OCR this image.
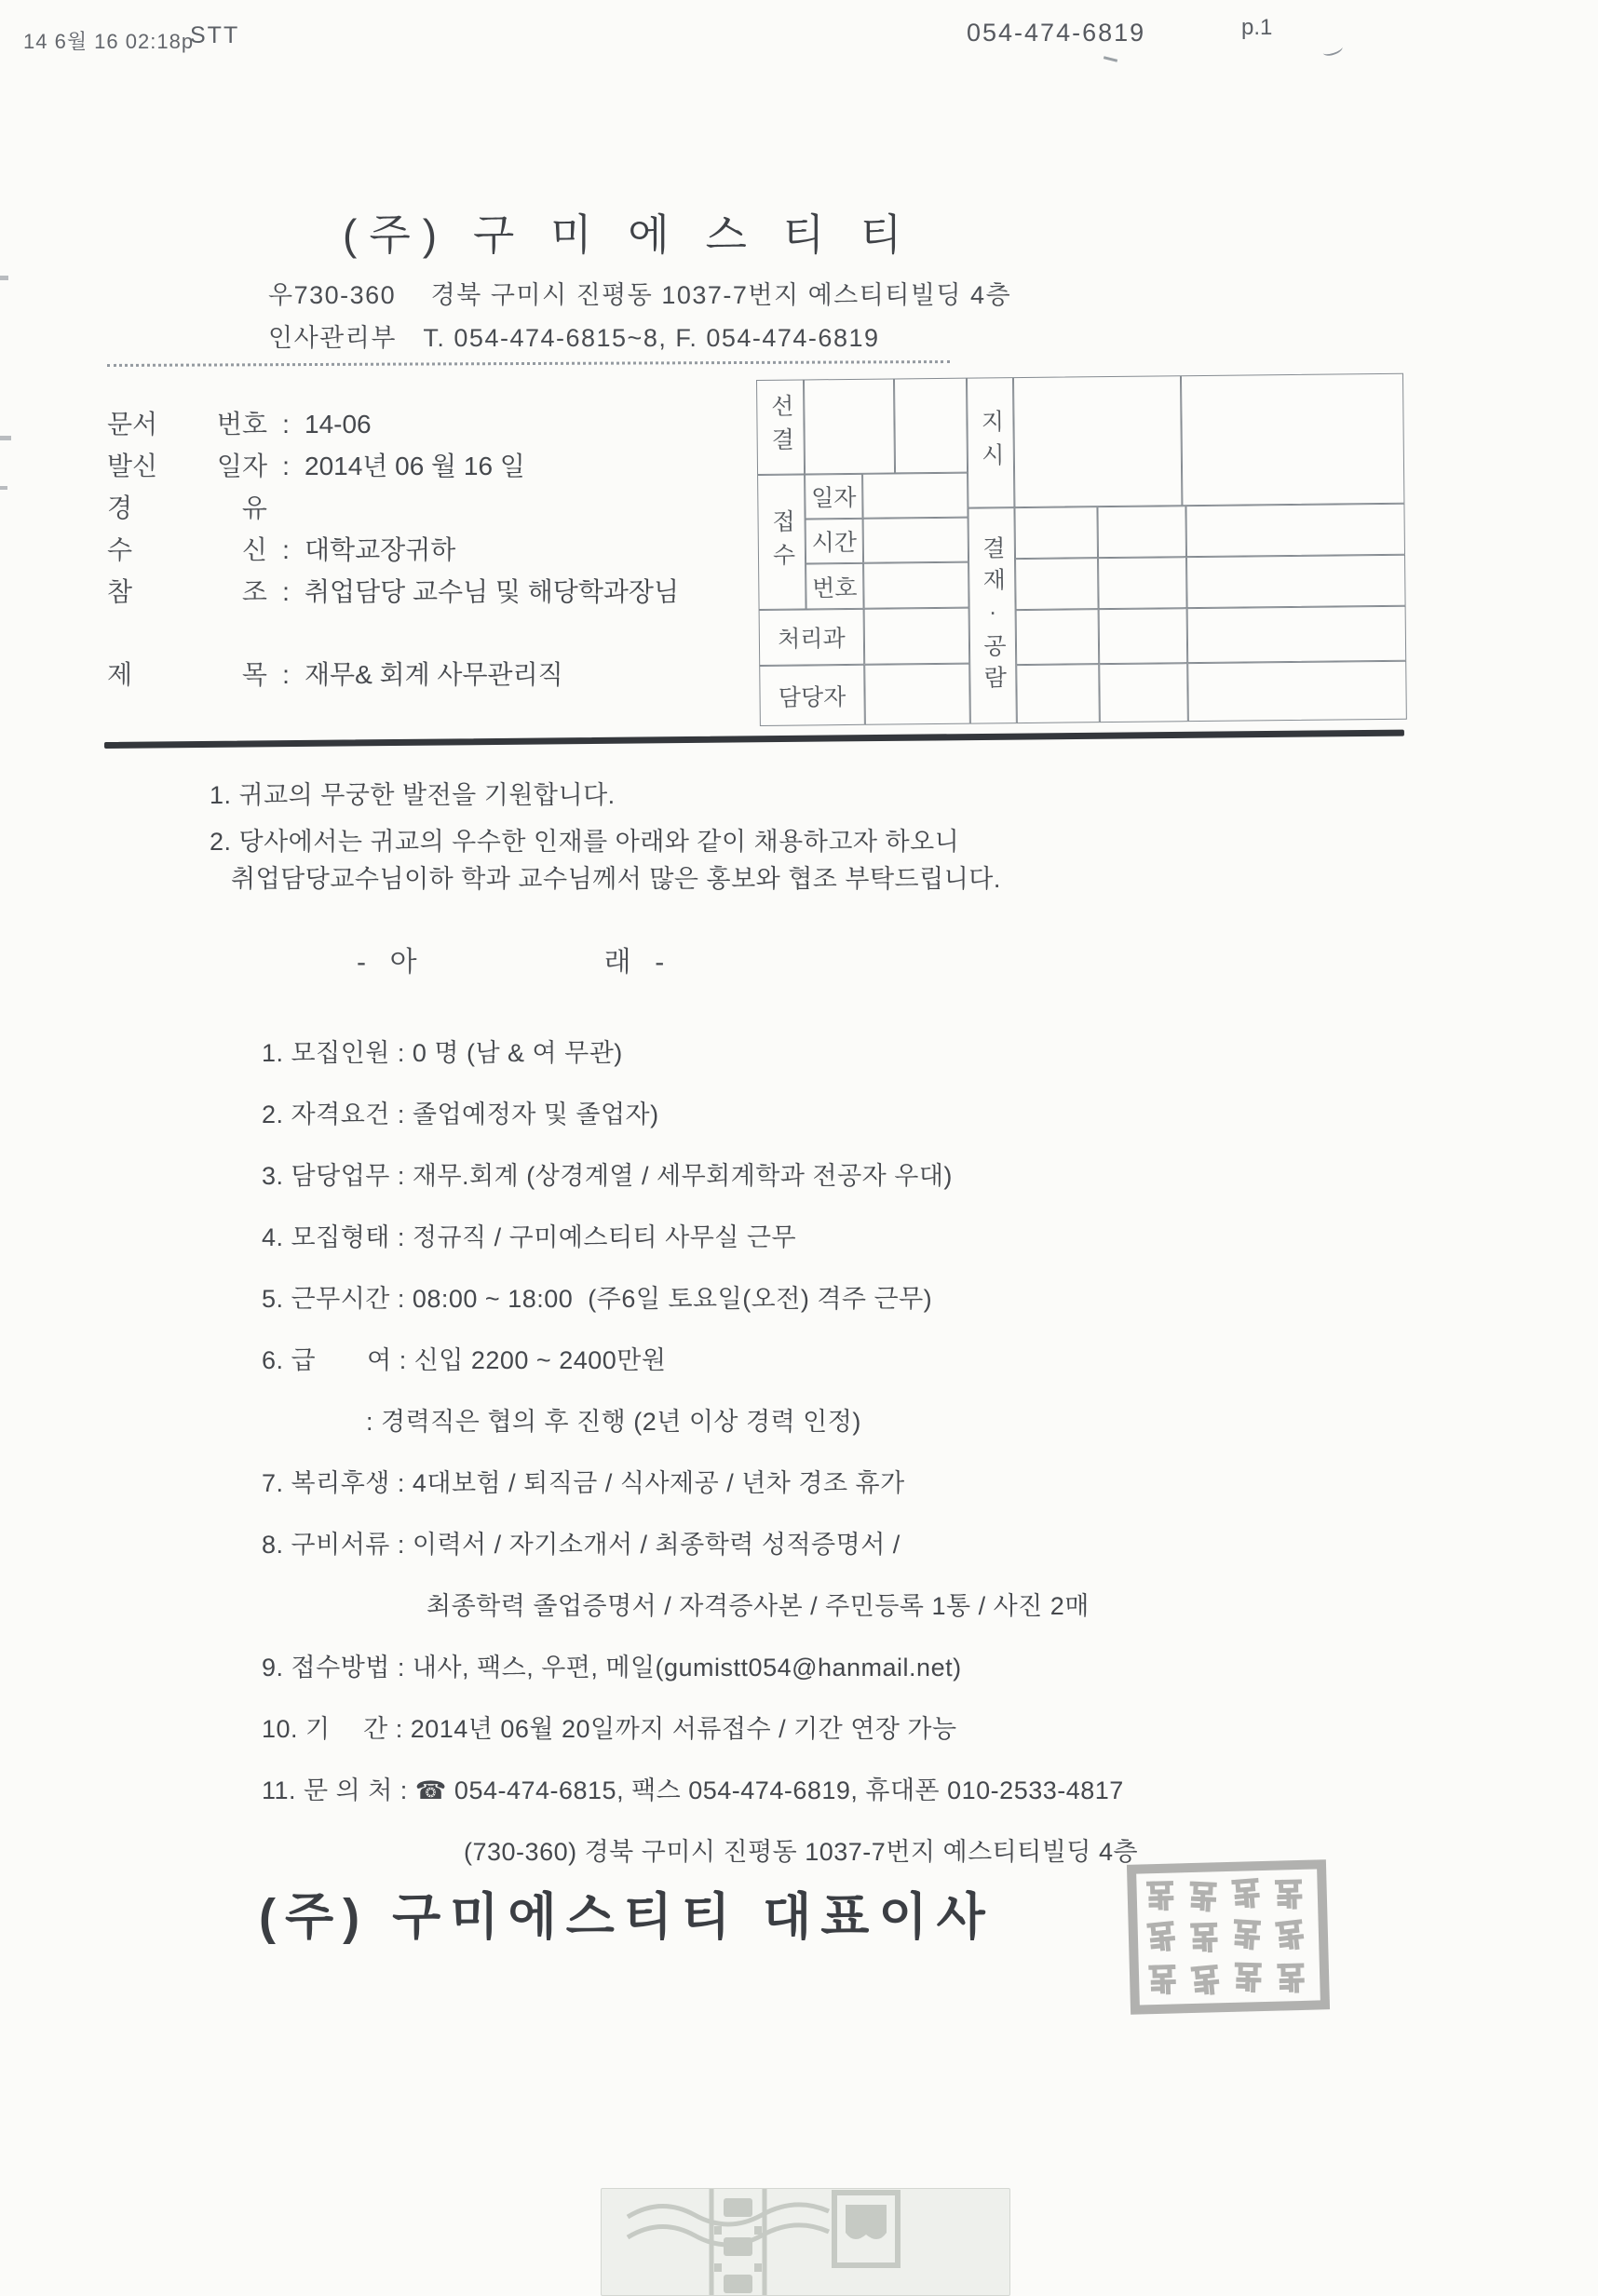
14 6월 16 02:18p
STT	054-474-6819	p.1
(주) 구 미 에 스 티 티
우730-360　 경북 구미시 진평동 1037-7번지 예스티티빌딩 4층
인사관리부　T. 054-474-6815~8, F. 054-474-6819
문서 번호 : 14-06
발신 일자 : 2014년 06 월 16 일
경 유
수 신 : 대학교장귀하
참 조 : 취업담당 교수님 및 해당학과장님
제 목 : 재무& 회계 사무관리직
선결
접수
일자
시간
번호
처리과
담당자
지시
결재·공람
1. 귀교의 무궁한 발전을 기원합니다.
2. 당사에서는 귀교의 우수한 인재를 아래와 같이 채용하고자 하오니
취업담당교수님이하 학과 교수님께서 많은 홍보와 협조 부탁드립니다.
-  아　　　　　　래  -

1. 모집인원 : 0 명 (남 & 여 무관)

2. 자격요건 : 졸업예정자 및 졸업자)

3. 담당업무 : 재무.회계 (상경계열 / 세무회계학과 전공자 우대)

4. 모집형태 : 정규직 / 구미예스티티 사무실 근무

5. 근무시간 : 08:00 ~ 18:00  (주6일 토요일(오전) 격주 근무)

6. 급　　여 : 신입 2200 ~ 2400만원

: 경력직은 협의 후 진행 (2년 이상 경력 인정)

7. 복리후생 : 4대보험 / 퇴직금 / 식사제공 / 년차 경조 휴가

8. 구비서류 : 이력서 / 자기소개서 / 최종학력 성적증명서 /

최종학력 졸업증명서 / 자격증사본 / 주민등록 1통 / 사진 2매

9. 접수방법 : 내사, 팩스, 우편, 메일(gumistt054@hanmail.net)

10. 기　 간 : 2014년 06월 20일까지 서류접수 / 기간 연장 가능

11. 문 의 처 : ☎ 054-474-6815, 팩스 054-474-6819, 휴대폰 010-2533-4817

(730-360) 경북 구미시 진평동 1037-7번지 예스티티빌딩 4층

(주) 구미에스티티 대표이사
